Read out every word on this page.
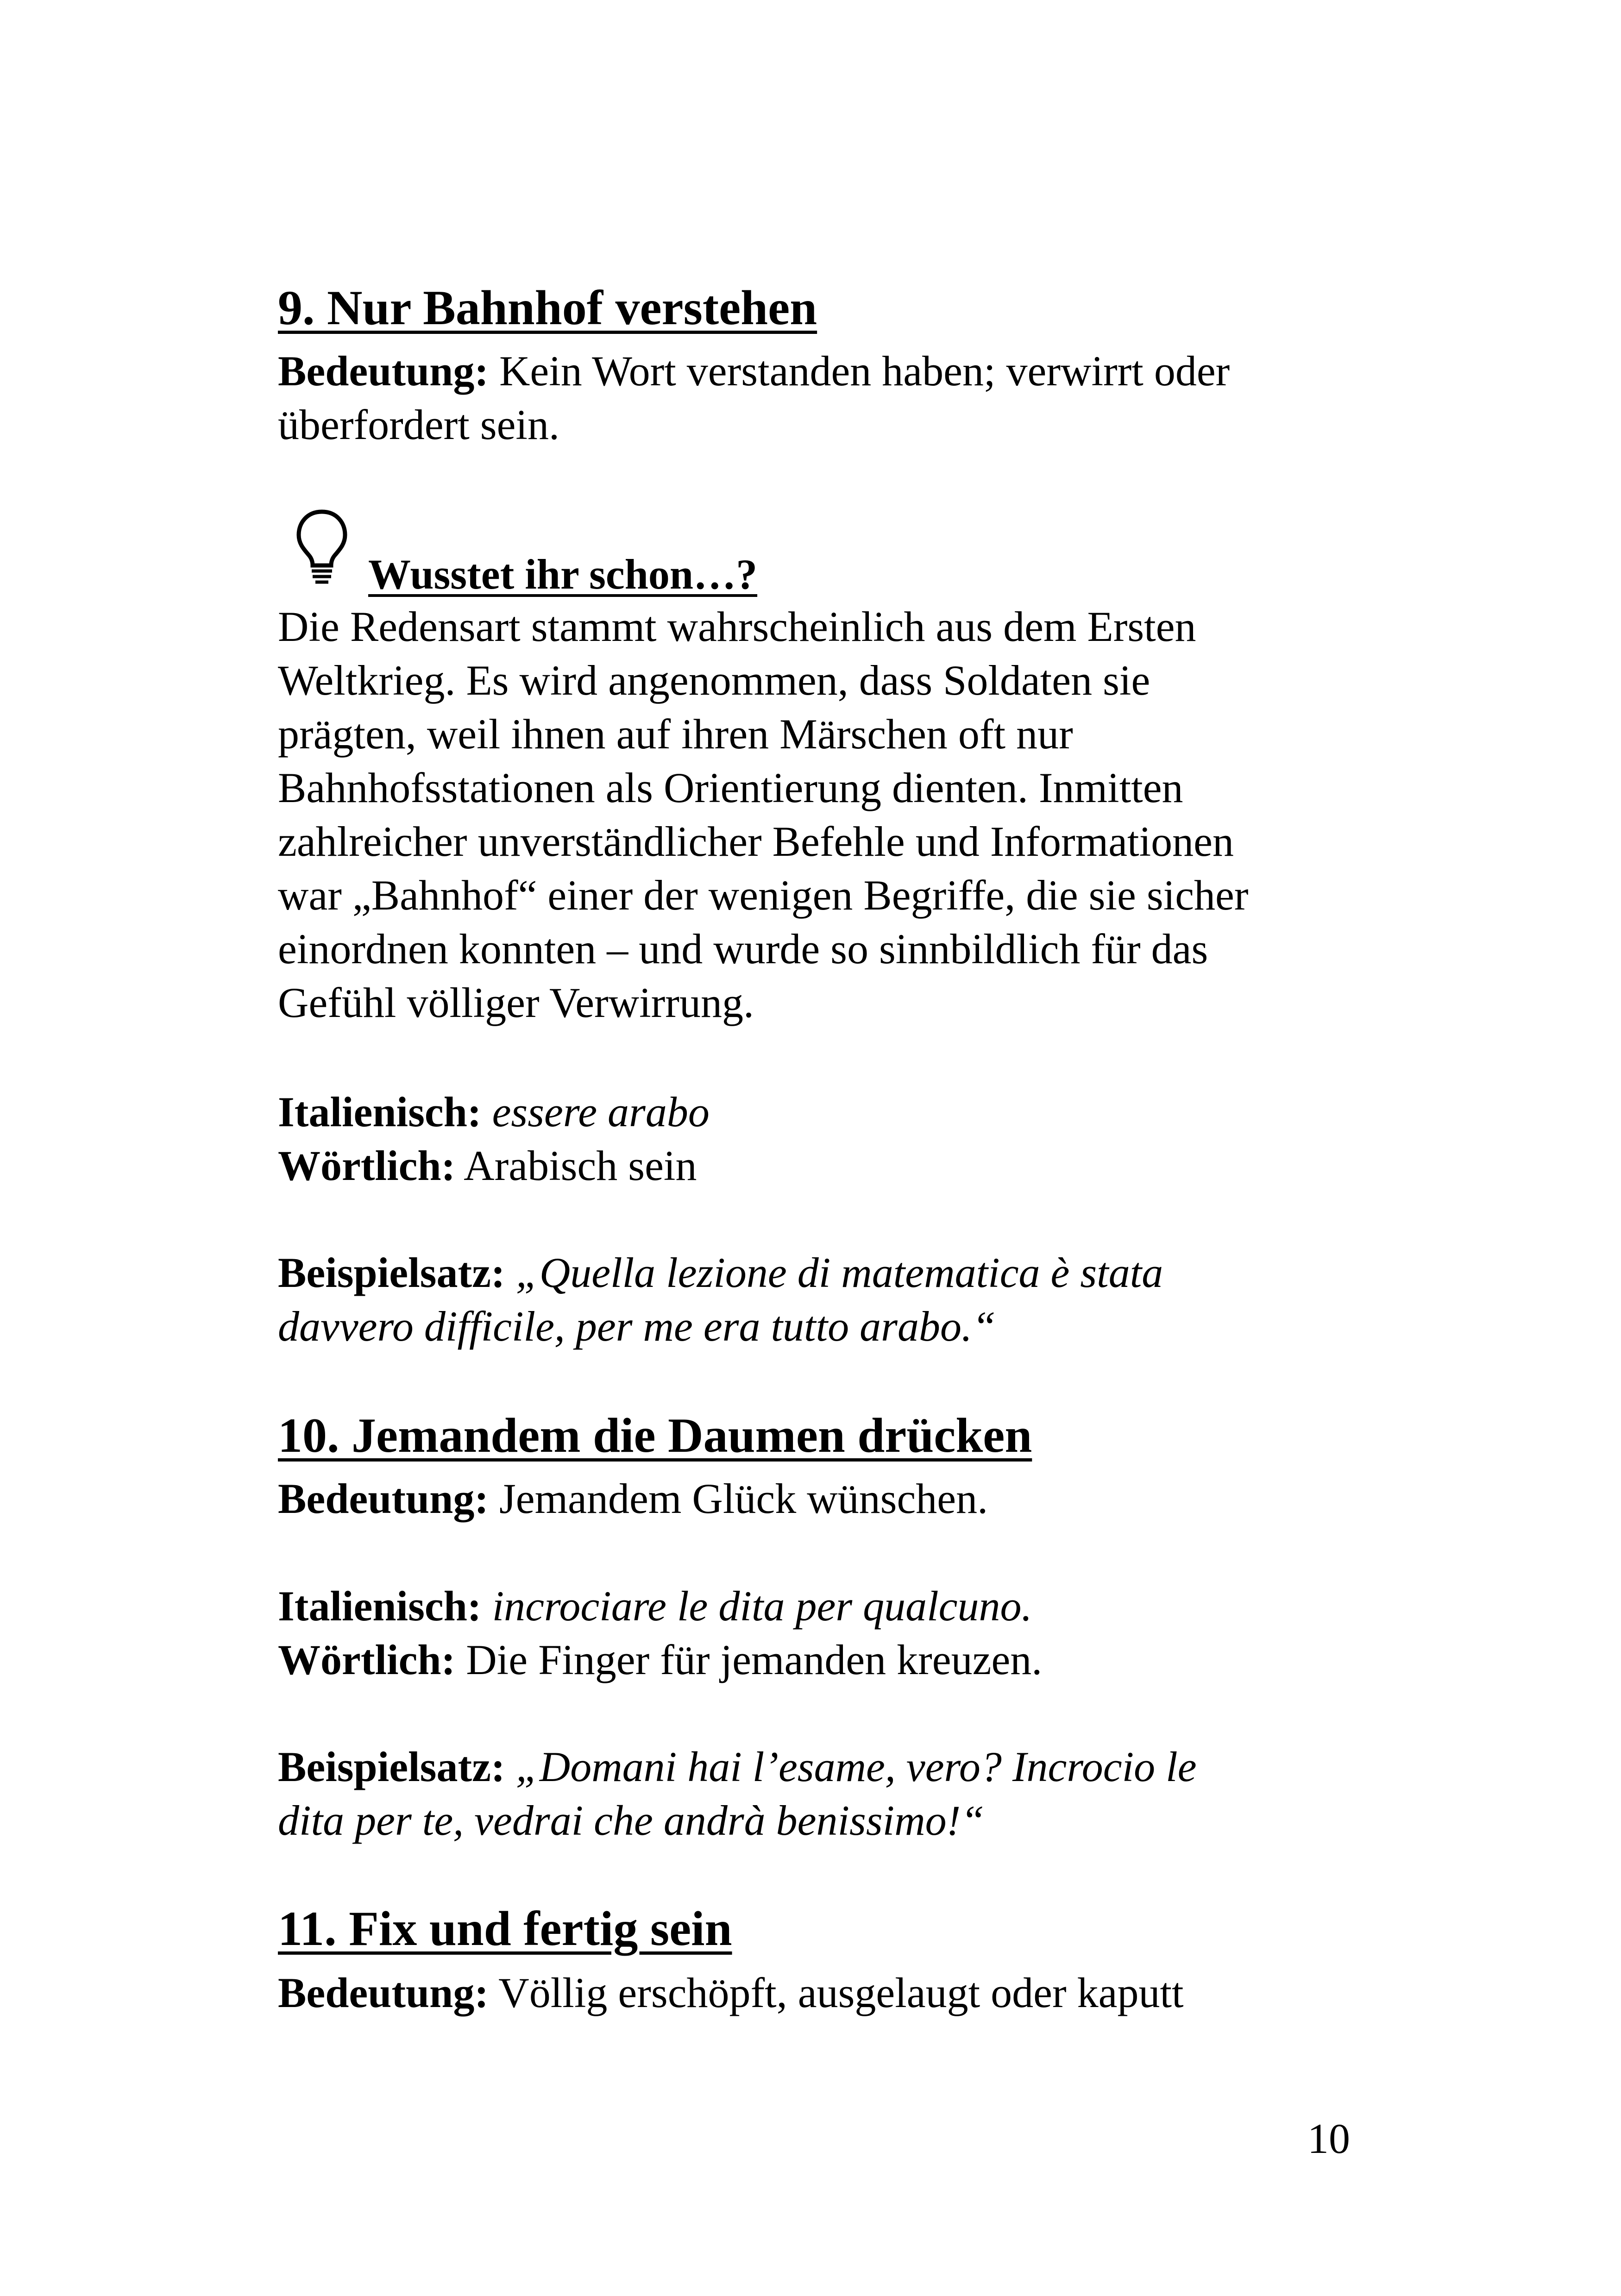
9. Nur Bahnhof verstehen

Bedeutung: Kein Wort verstanden haben; verwirrt oder

überfordert sein.

Wusstet ihr schon…?

Die Redensart stammt wahrscheinlich aus dem Ersten

Weltkrieg. Es wird angenommen, dass Soldaten sie

prägten, weil ihnen auf ihren Märschen oft nur

Bahnhofsstationen als Orientierung dienten. Inmitten

zahlreicher unverständlicher Befehle und Informationen

war „Bahnhof“ einer der wenigen Begriffe, die sie sicher

einordnen konnten – und wurde so sinnbildlich für das

Gefühl völliger Verwirrung.

Italienisch: essere arabo

Wörtlich: Arabisch sein

Beispielsatz: „Quella lezione di matematica è stata

davvero difficile, per me era tutto arabo.“

10. Jemandem die Daumen drücken

Bedeutung: Jemandem Glück wünschen.

Italienisch: incrociare le dita per qualcuno.

Wörtlich: Die Finger für jemanden kreuzen.

Beispielsatz: „Domani hai l’esame, vero? Incrocio le

dita per te, vedrai che andrà benissimo!“

11. Fix und fertig sein

Bedeutung: Völlig erschöpft, ausgelaugt oder kaputt

10
